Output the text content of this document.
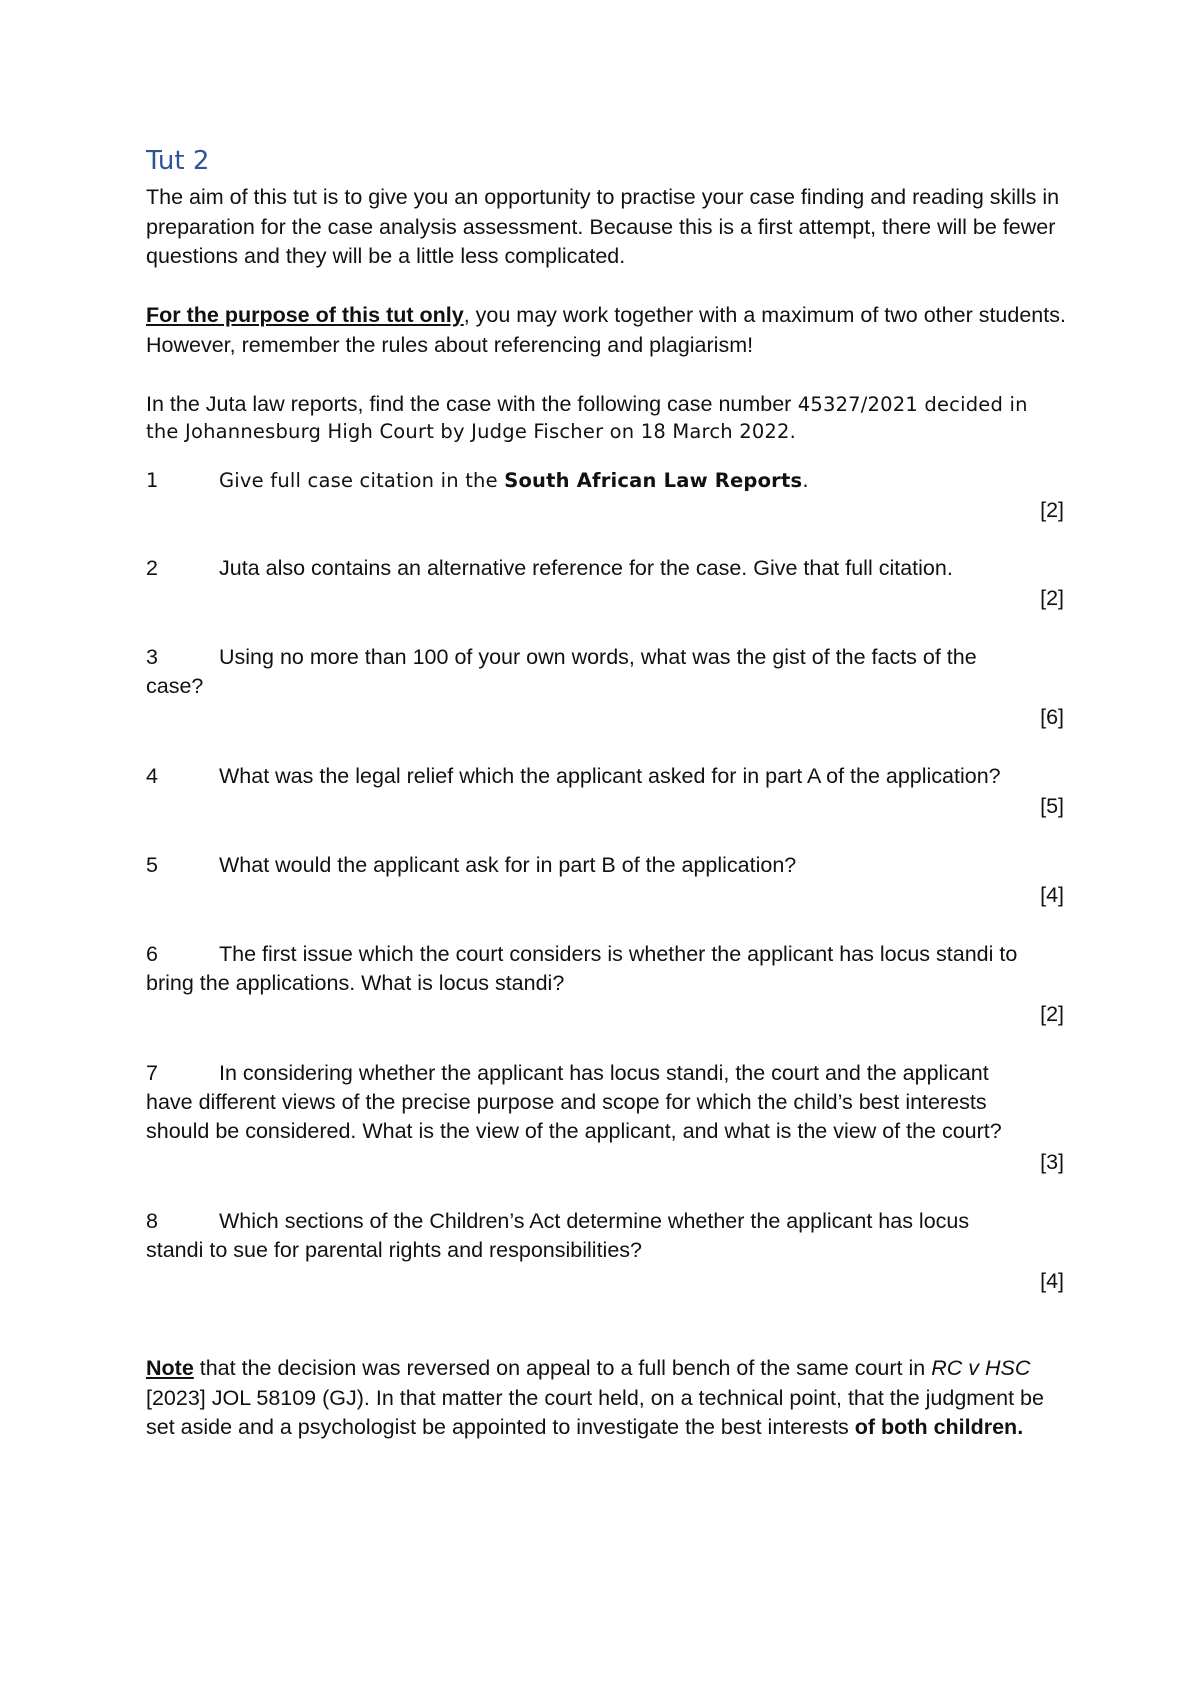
Tut 2
The aim of this tut is to give you an opportunity to practise your case finding and reading skills in preparation for the case analysis assessment. Because this is a first attempt, there will be fewer questions and they will be a little less complicated.
For the purpose of this tut only, you may work together with a maximum of two other students. However, remember the rules about referencing and plagiarism!
In the Juta law reports, find the case with the following case number 45327/2021 decided in the Johannesburg High Court by Judge Fischer on 18 March 2022.
1	Give full case citation in the South African Law Reports.
[2]
2	Juta also contains an alternative reference for the case. Give that full citation.
[2]
3	Using no more than 100 of your own words, what was the gist of the facts of the
case?
[6]
4	What was the legal relief which the applicant asked for in part A of the application?
[5]
5	What would the applicant ask for in part B of the application?
[4]
6	The first issue which the court considers is whether the applicant has locus standi to
bring the applications. What is locus standi?
[2]
7	In considering whether the applicant has locus standi, the court and the applicant
have different views of the precise purpose and scope for which the child’s best interests
should be considered. What is the view of the applicant, and what is the view of the court?
[3]
8	Which sections of the Children’s Act determine whether the applicant has locus
standi to sue for parental rights and responsibilities?
[4]
Note that the decision was reversed on appeal to a full bench of the same court in RC v HSC [2023] JOL 58109 (GJ). In that matter the court held, on a technical point, that the judgment be set aside and a psychologist be appointed to investigate the best interests of both children.
